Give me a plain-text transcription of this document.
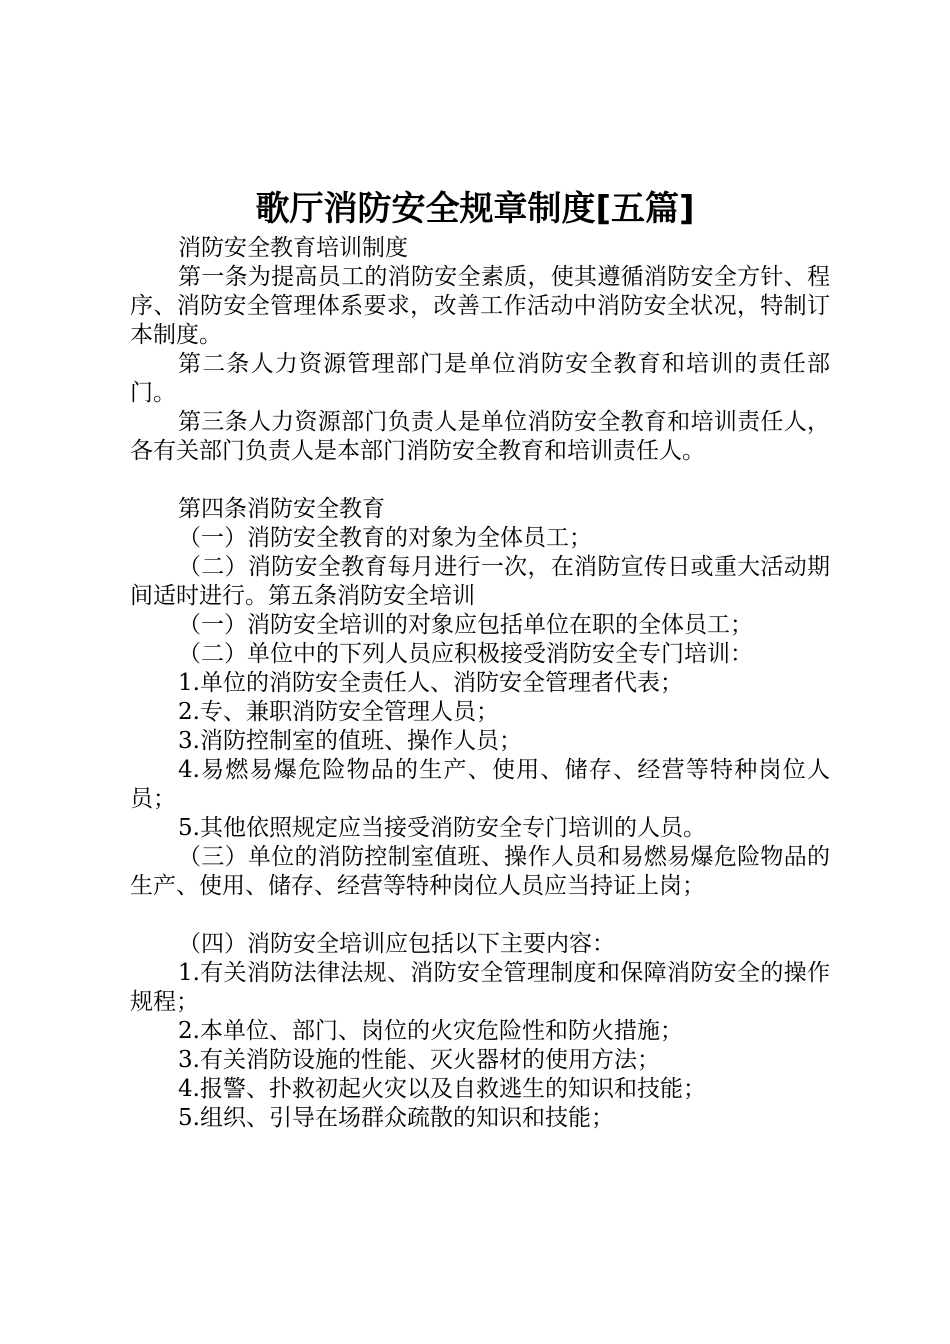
歌厅消防安全规章制度[五篇]

消防安全教育培训制度

第一条为提高员工的消防安全素质，使其遵循消防安全方针、程序、消防安全管理体系要求，改善工作活动中消防安全状况，特制订本制度。

第二条人力资源管理部门是单位消防安全教育和培训的责任部门。

第三条人力资源部门负责人是单位消防安全教育和培训责任人，各有关部门负责人是本部门消防安全教育和培训责任人。

第四条消防安全教育

（一）消防安全教育的对象为全体员工；

（二）消防安全教育每月进行一次，在消防宣传日或重大活动期间适时进行。第五条消防安全培训

（一）消防安全培训的对象应包括单位在职的全体员工；

（二）单位中的下列人员应积极接受消防安全专门培训：

1.单位的消防安全责任人、消防安全管理者代表；

2.专、兼职消防安全管理人员；

3.消防控制室的值班、操作人员；

4.易燃易爆危险物品的生产、使用、储存、经营等特种岗位人员；

5.其他依照规定应当接受消防安全专门培训的人员。

（三）单位的消防控制室值班、操作人员和易燃易爆危险物品的生产、使用、储存、经营等特种岗位人员应当持证上岗；

（四）消防安全培训应包括以下主要内容：

1.有关消防法律法规、消防安全管理制度和保障消防安全的操作规程；

2.本单位、部门、岗位的火灾危险性和防火措施；

3.有关消防设施的性能、灭火器材的使用方法；

4.报警、扑救初起火灾以及自救逃生的知识和技能；

5.组织、引导在场群众疏散的知识和技能；
